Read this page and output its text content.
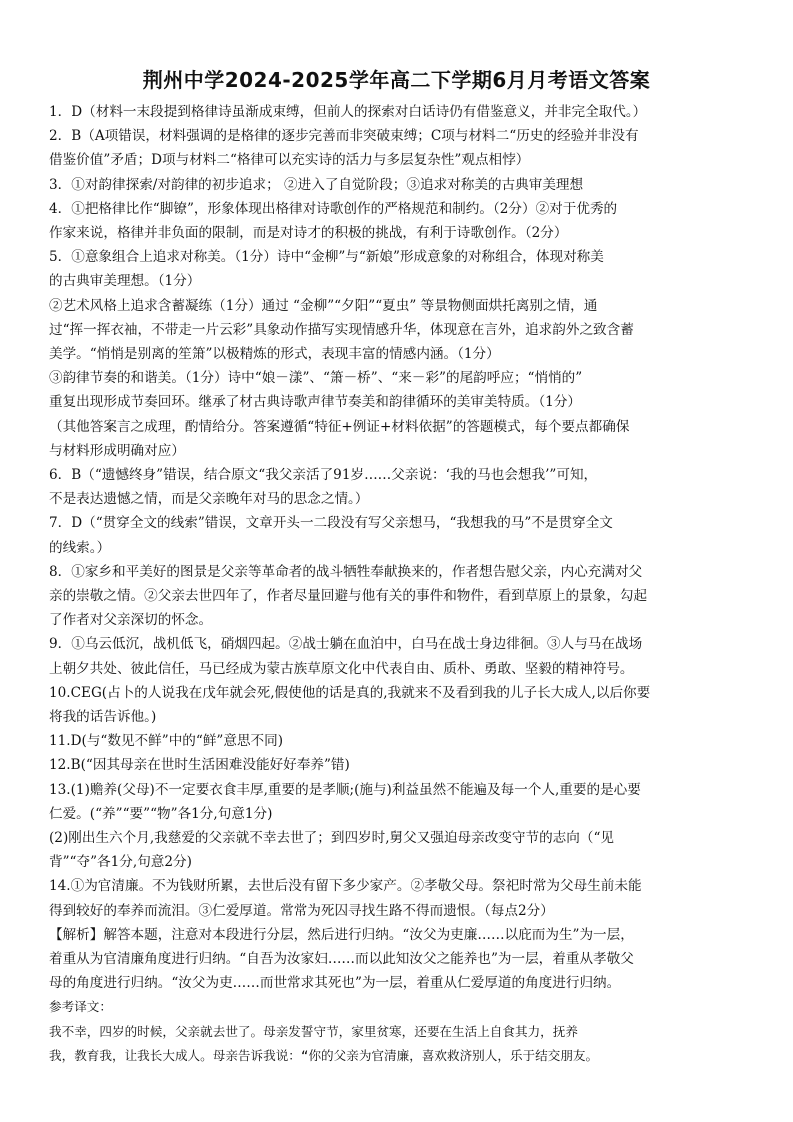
荆州中学2024-2025学年高二下学期6月月考语文答案
1．D（材料一末段提到格律诗虽渐成束缚，但前人的探索对白话诗仍有借鉴意义，并非完全取代。）
2．B（A项错误，材料强调的是格律的逐步完善而非突破束缚；C项与材料二“历史的经验并非没有
借鉴价值”矛盾；D项与材料二“格律可以充实诗的活力与多层复杂性”观点相悖）
3．①对韵律探索/对韵律的初步追求； ②进入了自觉阶段；③追求对称美的古典审美理想
4．①把格律比作“脚镣”，形象体现出格律对诗歌创作的严格规范和制约。（2分）②对于优秀的
作家来说，格律并非负面的限制，而是对诗才的积极的挑战，有利于诗歌创作。（2分）
5．①意象组合上追求对称美。（1分）诗中“金柳”与“新娘”形成意象的对称组合，体现对称美
的古典审美理想。（1分）
②艺术风格上追求含蓄凝练（1分）通过 “金柳”“夕阳”“夏虫” 等景物侧面烘托离别之情，通
过“挥一挥衣袖，不带走一片云彩”具象动作描写实现情感升华，体现意在言外，追求韵外之致含蓄
美学。“悄悄是别离的笙箫”以极精炼的形式，表现丰富的情感内涵。（1分）
③韵律节奏的和谐美。（1分）诗中“娘－漾”、“箫－桥”、“来－彩”的尾韵呼应；“悄悄的”
重复出现形成节奏回环。继承了材古典诗歌声律节奏美和韵律循环的美审美特质。（1分）
（其他答案言之成理，酌情给分。答案遵循“特征+例证+材料依据”的答题模式，每个要点都确保
与材料形成明确对应）
6．B（“遗憾终身”错误，结合原文“我父亲活了91岁……父亲说：‘我的马也会想我’”可知，
不是表达遗憾之情，而是父亲晚年对马的思念之情。）
7．D（“贯穿全文的线索”错误，文章开头一二段没有写父亲想马，“我想我的马”不是贯穿全文
的线索。）
8．①家乡和平美好的图景是父亲等革命者的战斗牺牲奉献换来的，作者想告慰父亲，内心充满对父
亲的崇敬之情。②父亲去世四年了，作者尽量回避与他有关的事件和物件，看到草原上的景象，勾起
了作者对父亲深切的怀念。
9．①乌云低沉，战机低飞，硝烟四起。②战士躺在血泊中，白马在战士身边徘徊。③人与马在战场
上朝夕共处、彼此信任，马已经成为蒙古族草原文化中代表自由、质朴、勇敢、坚毅的精神符号。
10.CEG(占卜的人说我在戊年就会死,假使他的话是真的,我就来不及看到我的儿子长大成人,以后你要
将我的话告诉他。)
11.D(与“数见不鲜”中的“鲜”意思不同)
12.B(“因其母亲在世时生活困难没能好好奉养”错)
13.(1)赡养(父母)不一定要衣食丰厚,重要的是孝顺;(施与)利益虽然不能遍及每一个人,重要的是心要
仁爱。(“养”“要”“物”各1分,句意1分)
(2)刚出生六个月,我慈爱的父亲就不幸去世了；到四岁时,舅父又强迫母亲改变守节的志向（“见
背”“夺”各1分,句意2分)
14.①为官清廉。不为钱财所累，去世后没有留下多少家产。②孝敬父母。祭祀时常为父母生前未能
得到较好的奉养而流泪。③仁爱厚道。常常为死囚寻找生路不得而遗恨。（每点2分）
【解析】解答本题，注意对本段进行分层，然后进行归纳。“汝父为吏廉……以庇而为生”为一层，
着重从为官清廉角度进行归纳。“自吾为汝家妇……而以此知汝父之能养也”为一层，着重从孝敬父
母的角度进行归纳。“汝父为吏……而世常求其死也”为一层，着重从仁爱厚道的角度进行归纳。
参考译文：
我不幸，四岁的时候，父亲就去世了。母亲发誓守节，家里贫寒，还要在生活上自食其力，抚养
我，教育我，让我长大成人。母亲告诉我说：“你的父亲为官清廉，喜欢救济别人，乐于结交朋友。
